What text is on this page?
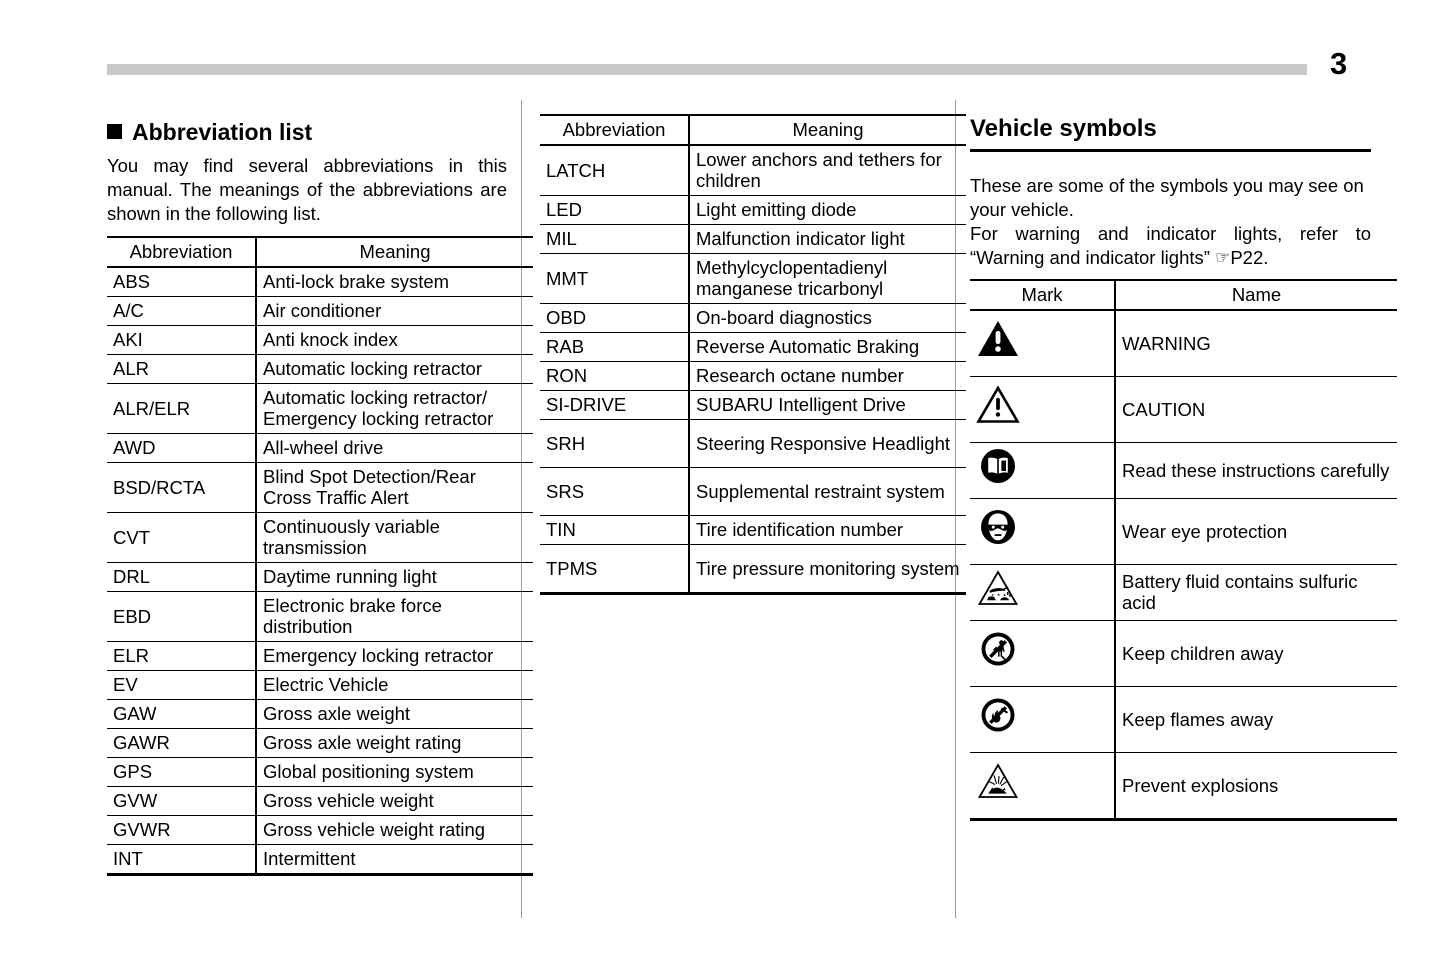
3
Abbreviation list

You may find several abbreviations in this manual. The meanings of the abbreviations are shown in the following list.

Abbreviation	Meaning
ABS	Anti-lock brake system
A/C	Air conditioner
AKI	Anti knock index
ALR	Automatic locking retractor
ALR/ELR	Automatic locking retractor/ Emergency locking retractor
AWD	All-wheel drive
BSD/RCTA	Blind Spot Detection/Rear Cross Traffic Alert
CVT	Continuously variable transmission
DRL	Daytime running light
EBD	Electronic brake force distribution
ELR	Emergency locking retractor
EV	Electric Vehicle
GAW	Gross axle weight
GAWR	Gross axle weight rating
GPS	Global positioning system
GVW	Gross vehicle weight
GVWR	Gross vehicle weight rating
INT	Intermittent
Abbreviation	Meaning
LATCH	Lower anchors and tethers for children
LED	Light emitting diode
MIL	Malfunction indicator light
MMT	Methylcyclopentadienyl manganese tricarbonyl
OBD	On-board diagnostics
RAB	Reverse Automatic Braking
RON	Research octane number
SI-DRIVE	SUBARU Intelligent Drive
SRH	Steering Responsive Headlight
SRS	Supplemental restraint system
TIN	Tire identification number
TPMS	Tire pressure monitoring system
Vehicle symbols

These are some of the symbols you may see on your vehicle.

For warning and indicator lights, refer to “Warning and indicator lights” ☞P22.

Mark	Name

	WARNING

	CAUTION

	Read these instructions carefully

	Wear eye protection

	Battery fluid contains sulfuric acid

	Keep children away

	Keep flames away

	Prevent explosions
